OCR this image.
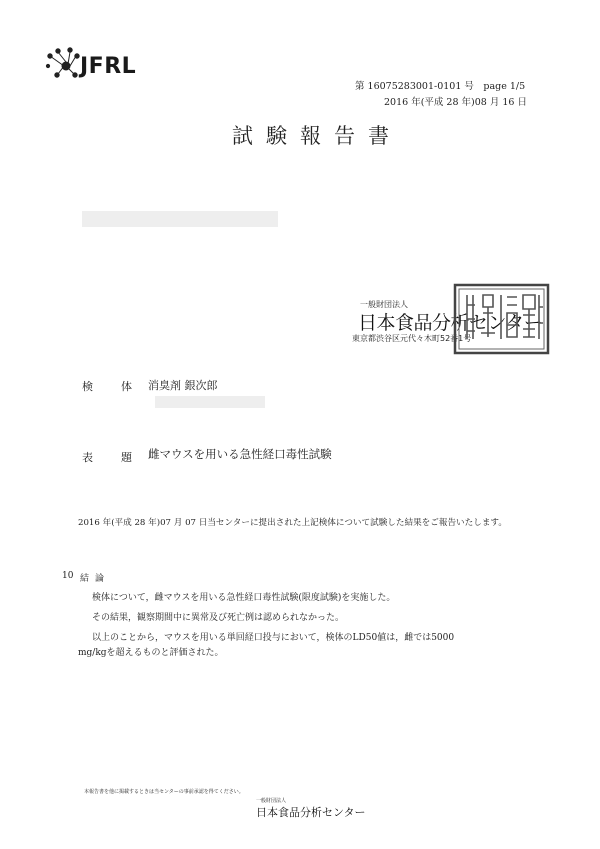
JFRL
第 16075283001-0101 号　page 1/5
2016 年(平成 28 年)08 月 16 日
試験報告書
一般財団法人
日本食品分析センター
東京都渋谷区元代々木町52番1号
検	体 消臭剤 銀次郎
表	題 雌マウスを用いる急性経口毒性試験
2016 年(平成 28 年)07 月 07 日当センターに提出された上記検体について試験した結果をご報告いたします。
10 結論
検体について，雌マウスを用いる急性経口毒性試験(限度試験)を実施した。
その結果，観察期間中に異常及び死亡例は認められなかった。
以上のことから，マウスを用いる単回経口投与において，検体のLD50値は，雌では5000
mg/kgを超えるものと評価された。
本報告書を他に掲載するときは当センターの事前承認を得てください。
一般財団法人
日本食品分析センター
